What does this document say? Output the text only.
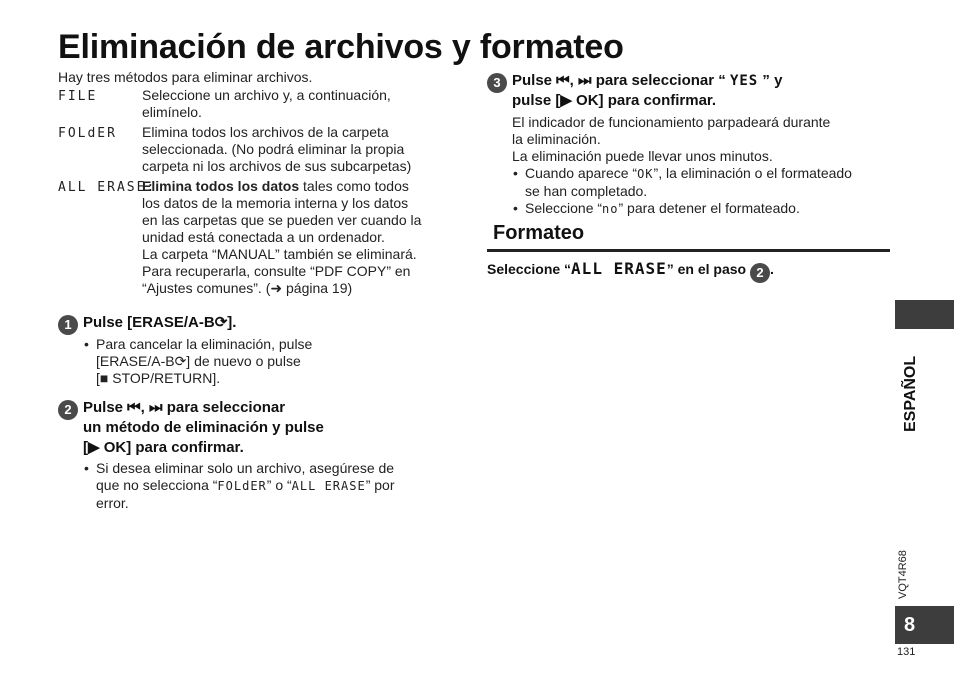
Eliminación de archivos y formateo
Hay tres métodos para eliminar archivos.
FILE	Seleccione un archivo y, a continuación,
elimínelo.
FOLdER Elimina todos los archivos de la carpeta
seleccionada. (No podrá eliminar la propia
carpeta ni los archivos de sus subcarpetas)
ALL ERASE:
Elimina todos los datos tales como todos
los datos de la memoria interna y los datos
en las carpetas que se pueden ver cuando la
unidad está conectada a un ordenador.
La carpeta “MANUAL” también se eliminará.
Para recuperarla, consulte “PDF COPY” en
“Ajustes comunes”. (➜ página 19)
1 Pulse [ERASE/A-B⟳].
• Para cancelar la eliminación, pulse
[ERASE/A-B⟳] de nuevo o pulse
[■ STOP/RETURN].
2 Pulse ⏮, ⏭ para seleccionar
un método de eliminación y pulse
[▶ OK] para confirmar.
• Si desea eliminar solo un archivo, asegúrese de
que no selecciona “FOLdER” o “ALL ERASE” por
error.
3 Pulse ⏮, ⏭ para seleccionar “ YES ” y
pulse [▶ OK] para confirmar.
El indicador de funcionamiento parpadeará durante
la eliminación.
La eliminación puede llevar unos minutos.
• Cuando aparece “OK”, la eliminación o el formateado
se han completado.
• Seleccione “no” para detener el formateado.
Formateo
Seleccione “ALL ERASE” en el paso 2 .
ESPAÑOL
VQT4R68
8
131
